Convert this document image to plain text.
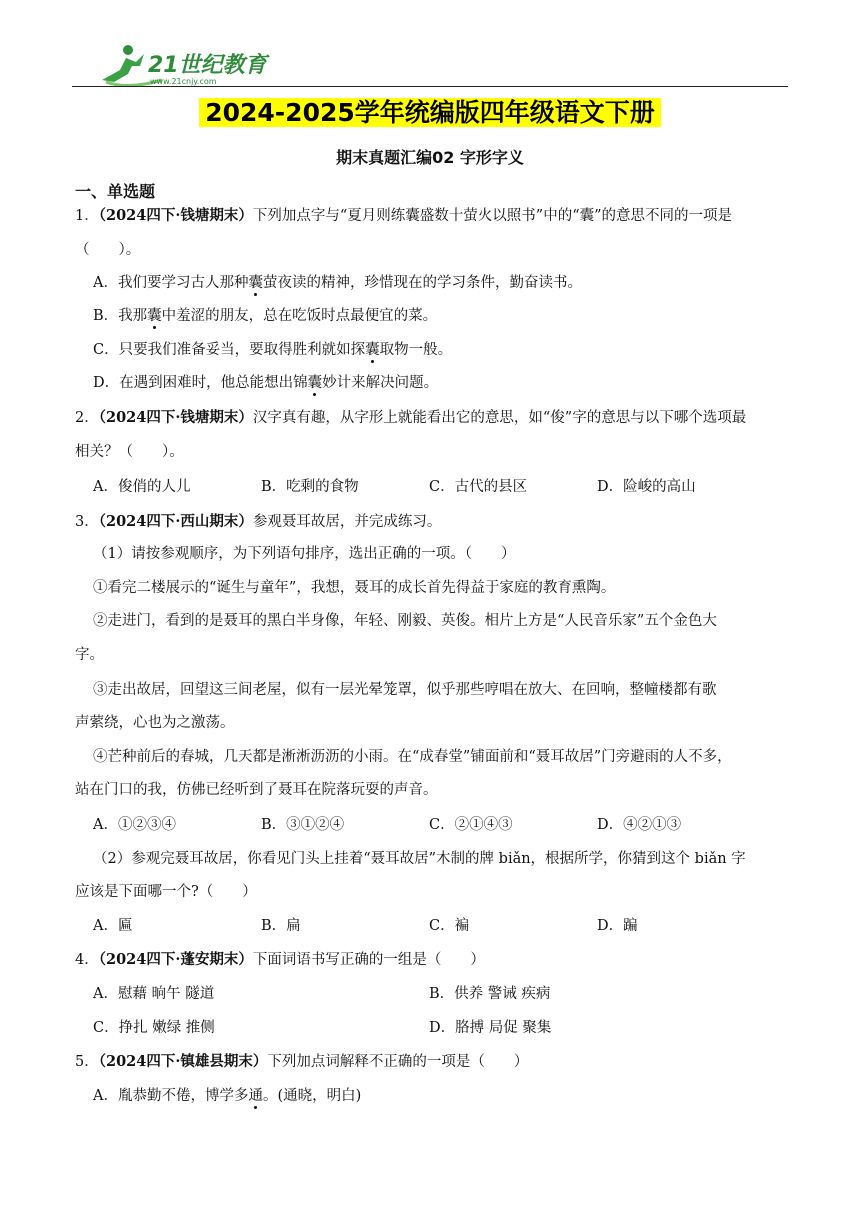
21世纪教育
www.21cnjy.com
2024-2025学年统编版四年级语文下册
期末真题汇编02 字形字义
一、单选题
1．（2024四下·钱塘期末）下列加点字与“夏月则练囊盛数十萤火以照书”中的“囊”的意思不同的一项是
（　　）。
A．我们要学习古人那种囊萤夜读的精神，珍惜现在的学习条件，勤奋读书。
B．我那囊中羞涩的朋友，总在吃饭时点最便宜的菜。
C．只要我们准备妥当，要取得胜利就如探囊取物一般。
D．在遇到困难时，他总能想出锦囊妙计来解决问题。
2．（2024四下·钱塘期末）汉字真有趣，从字形上就能看出它的意思，如“俊”字的意思与以下哪个选项最
相关？（　　）。
A．俊俏的人儿	B．吃剩的食物	C．古代的县区	D．险峻的高山
3．（2024四下·西山期末）参观聂耳故居，并完成练习。
（1）请按参观顺序，为下列语句排序，选出正确的一项。（　　）
①看完二楼展示的“诞生与童年”，我想，聂耳的成长首先得益于家庭的教育熏陶。
②走进门，看到的是聂耳的黑白半身像，年轻、刚毅、英俊。相片上方是“人民音乐家”五个金色大
字。
③走出故居，回望这三间老屋，似有一层光晕笼罩，似乎那些哼唱在放大、在回响，整幢楼都有歌
声萦绕，心也为之激荡。
④芒种前后的春城，几天都是淅淅沥沥的小雨。在“成春堂”铺面前和“聂耳故居”门旁避雨的人不多，
站在门口的我，仿佛已经听到了聂耳在院落玩耍的声音。
A．①②③④	B．③①②④	C．②①④③	D．④②①③
（2）参观完聂耳故居，你看见门头上挂着“聂耳故居”木制的牌 biǎn，根据所学，你猜到这个 biǎn 字
应该是下面哪一个?（　　）
A．匾	B．扁	C．褊	D．蹁
4．（2024四下·蓬安期末）下面词语书写正确的一组是（　　）
A．慰藉 晌午 隧道	B．供养 警诫 疾病
C．挣扎 嫩绿 推侧	D．胳搏 局促 聚集
5．（2024四下·镇雄县期末）下列加点词解释不正确的一项是（　　）
A．胤恭勤不倦，博学多通。(通晓，明白)
